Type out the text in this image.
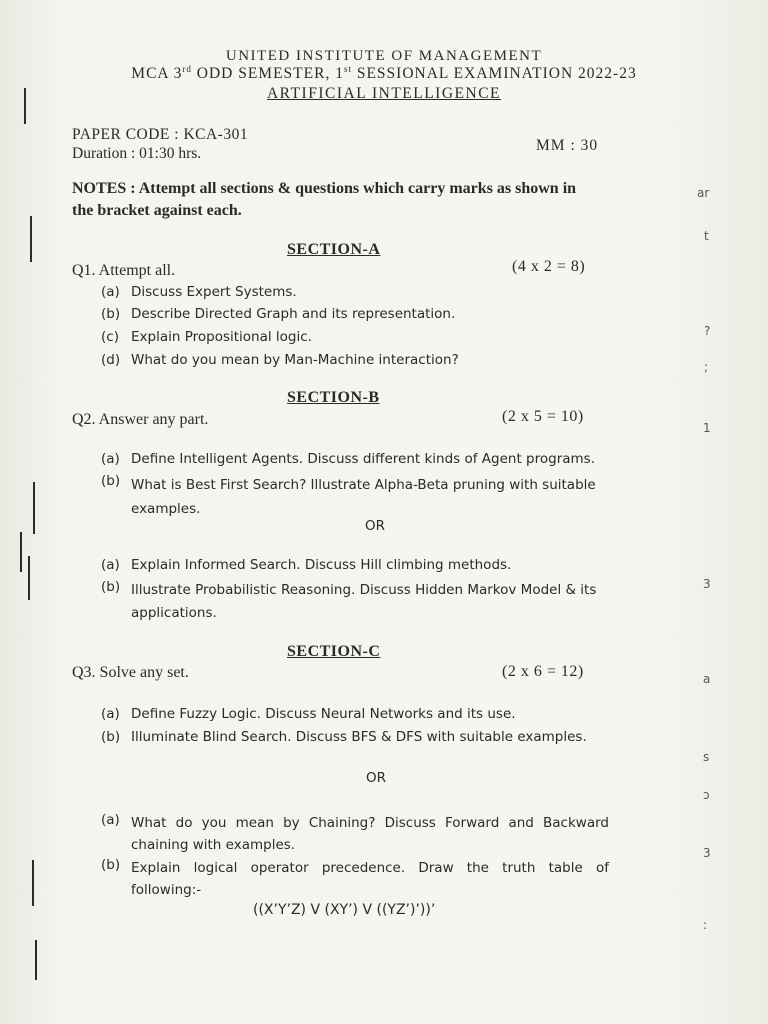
UNITED INSTITUTE OF MANAGEMENT
MCA 3rd ODD SEMESTER, 1st SESSIONAL EXAMINATION 2022-23
ARTIFICIAL INTELLIGENCE
PAPER CODE : KCA-301
Duration : 01:30 hrs.	MM : 30
NOTES : Attempt all sections & questions which carry marks as shown in the bracket against each.
SECTION-A
Q1. Attempt all.	(4 x 2 = 8)
(a) Discuss Expert Systems.
(b) Describe Directed Graph and its representation.
(c) Explain Propositional logic.
(d) What do you mean by Man-Machine interaction?
SECTION-B
Q2. Answer any part.	(2 x 5 = 10)
(a) Define Intelligent Agents. Discuss different kinds of Agent programs.
(b) What is Best First Search? Illustrate Alpha-Beta pruning with suitable examples.
OR
(a) Explain Informed Search. Discuss Hill climbing methods.
(b) Illustrate Probabilistic Reasoning. Discuss Hidden Markov Model & its applications.
SECTION-C
Q3. Solve any set.	(2 x 6 = 12)
(a) Define Fuzzy Logic. Discuss Neural Networks and its use.
(b) Illuminate Blind Search. Discuss BFS & DFS with suitable examples.
OR
(a) What do you mean by Chaining? Discuss Forward and Backward chaining with examples.
(b) Explain logical operator precedence. Draw the truth table of following:-
((X’Y’Z) V (XY’) V ((YZ’)’))’
ar
t
?
;
1
3
a
s
ɔ
3
:
